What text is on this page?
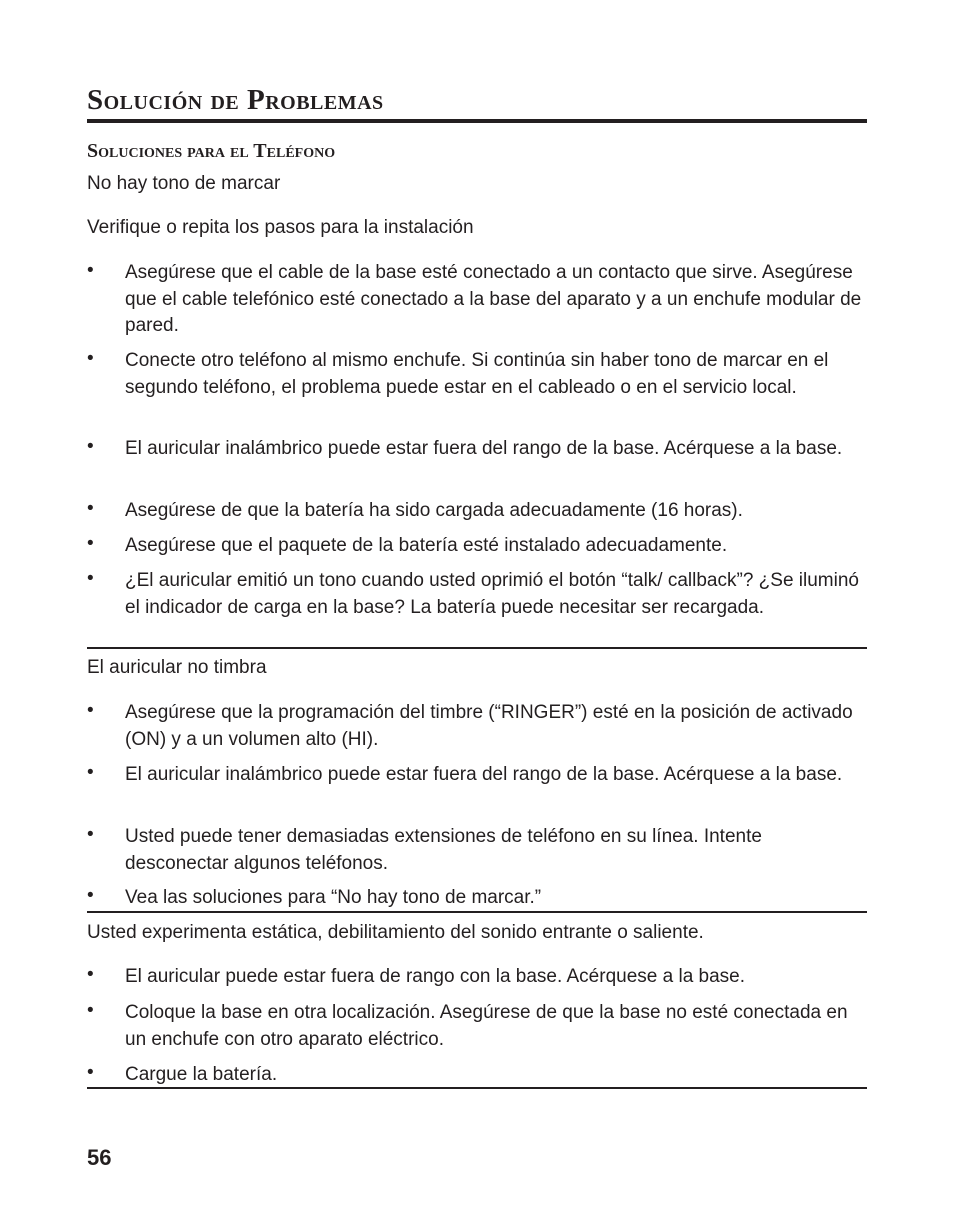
Solución de Problemas
Soluciones para el Teléfono
No hay tono de marcar
Verifique o repita los pasos para la instalación
• Asegúrese que el cable de la base esté conectado a un contacto que sirve. Asegúrese que el cable telefónico esté conectado a la base del aparato y a un enchufe modular de pared.
• Conecte otro teléfono al mismo enchufe. Si continúa sin haber tono de marcar en el segundo teléfono, el problema puede estar en el cableado o en el servicio local.
• El auricular inalámbrico puede estar fuera del rango de la base. Acérquese a la base.
• Asegúrese de que la batería ha sido cargada adecuadamente (16 horas).
• Asegúrese que el paquete de la batería esté instalado adecuadamente.
• ¿El auricular emitió un tono cuando usted oprimió el botón “talk/ callback”? ¿Se iluminó el indicador de carga en la base? La batería puede necesitar ser recargada.
El auricular no timbra
• Asegúrese que la programación del timbre (“RINGER”) esté en la posición de activado (ON) y a un volumen alto (HI).
• El auricular inalámbrico puede estar fuera del rango de la base. Acérquese a la base.
• Usted puede tener demasiadas extensiones de teléfono en su línea. Intente desconectar algunos teléfonos.
• Vea las soluciones para “No hay tono de marcar.”
Usted experimenta estática, debilitamiento del sonido entrante o saliente.
• El auricular puede estar fuera de rango con la base. Acérquese a la base.
• Coloque la base en otra localización. Asegúrese de que la base no esté conectada en un enchufe con otro aparato eléctrico.
• Cargue la batería.
56
